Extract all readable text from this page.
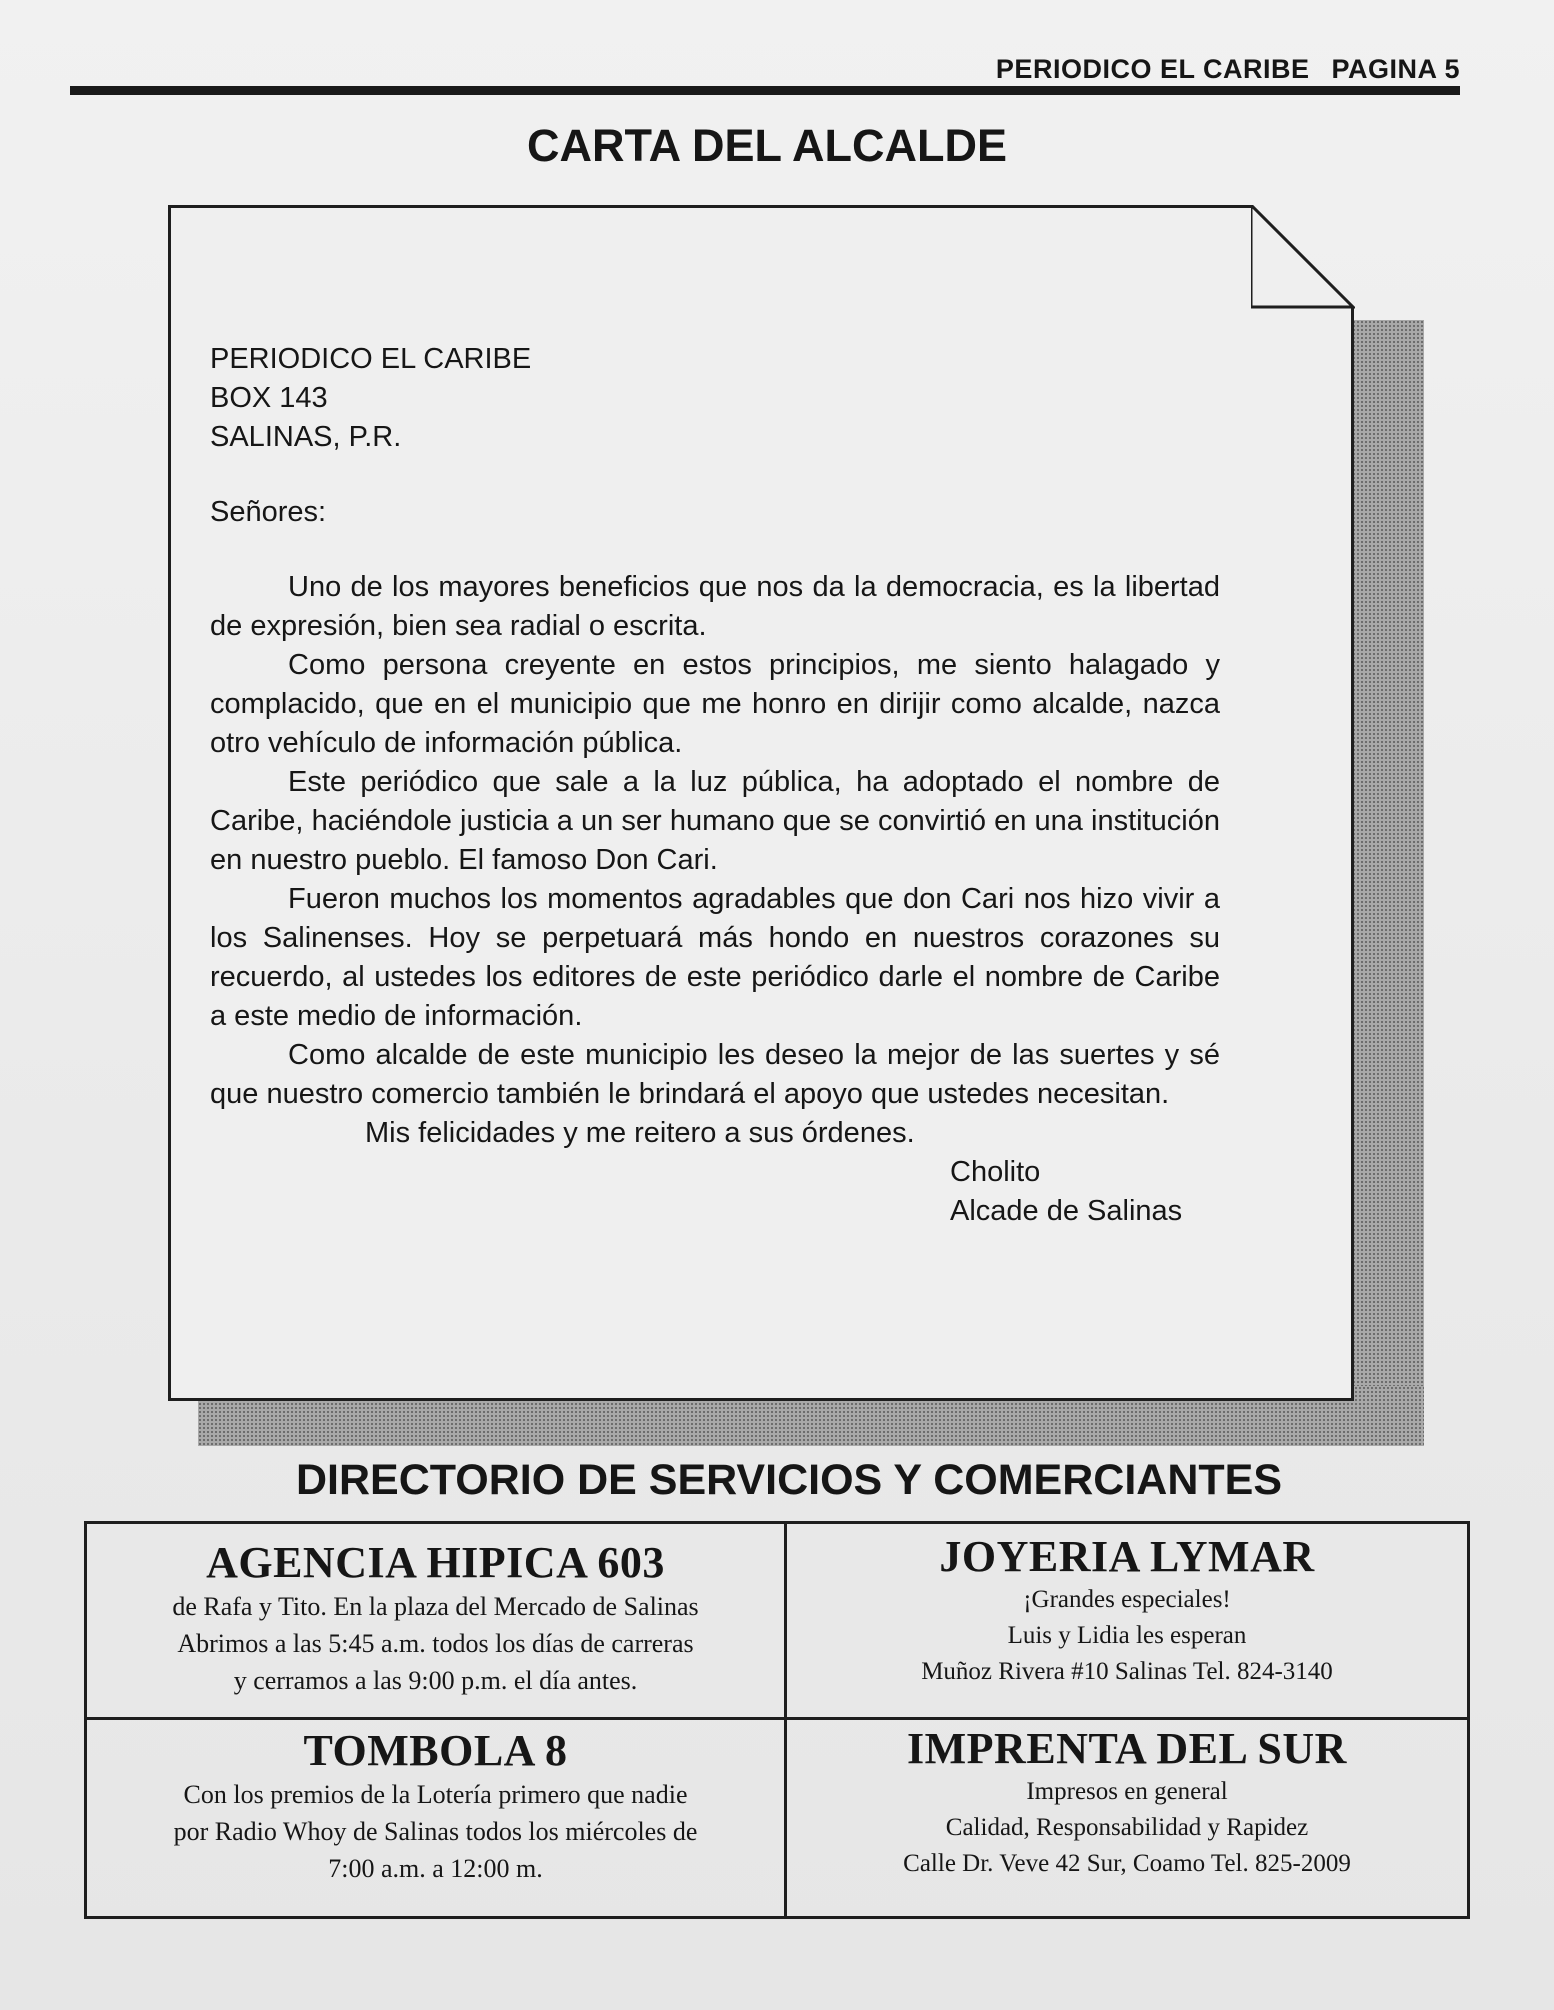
PERIODICO EL CARIBE PAGINA 5
CARTA DEL ALCALDE
PERIODICO EL CARIBE
BOX 143
SALINAS, P.R.
Señores:

Uno de los mayores beneficios que nos da la democracia, es la libertad de expresión, bien sea radial o escrita.

Como persona creyente en estos principios, me siento halagado y complacido, que en el municipio que me honro en dirijir como alcalde, nazca otro vehículo de información pública.

Este periódico que sale a la luz pública, ha adoptado el nombre de Caribe, haciéndole justicia a un ser humano que se convirtió en una institución en nuestro pueblo. El famoso Don Cari.

Fueron muchos los momentos agradables que don Cari nos hizo vivir a los Salinenses. Hoy se perpetuará más hondo en nuestros corazones su recuerdo, al ustedes los editores de este periódico darle el nombre de Caribe a este medio de información.

Como alcalde de este municipio les deseo la mejor de las suertes y sé que nuestro comercio también le brindará el apoyo que ustedes necesitan.

Mis felicidades y me reitero a sus órdenes.

Cholito

Alcade de Salinas

DIRECTORIO DE SERVICIOS Y COMERCIANTES
AGENCIA HIPICA 603
de Rafa y Tito. En la plaza del Mercado de Salinas
Abrimos a las 5:45 a.m. todos los días de carreras
y cerramos a las 9:00 p.m. el día antes.
JOYERIA LYMAR
¡Grandes especiales!
Luis y Lidia les esperan
Muñoz Rivera #10 Salinas Tel. 824-3140
TOMBOLA 8
Con los premios de la Lotería primero que nadie
por Radio Whoy de Salinas todos los miércoles de
7:00 a.m. a 12:00 m.
IMPRENTA DEL SUR
Impresos en general
Calidad, Responsabilidad y Rapidez
Calle Dr. Veve 42 Sur, Coamo Tel. 825-2009
